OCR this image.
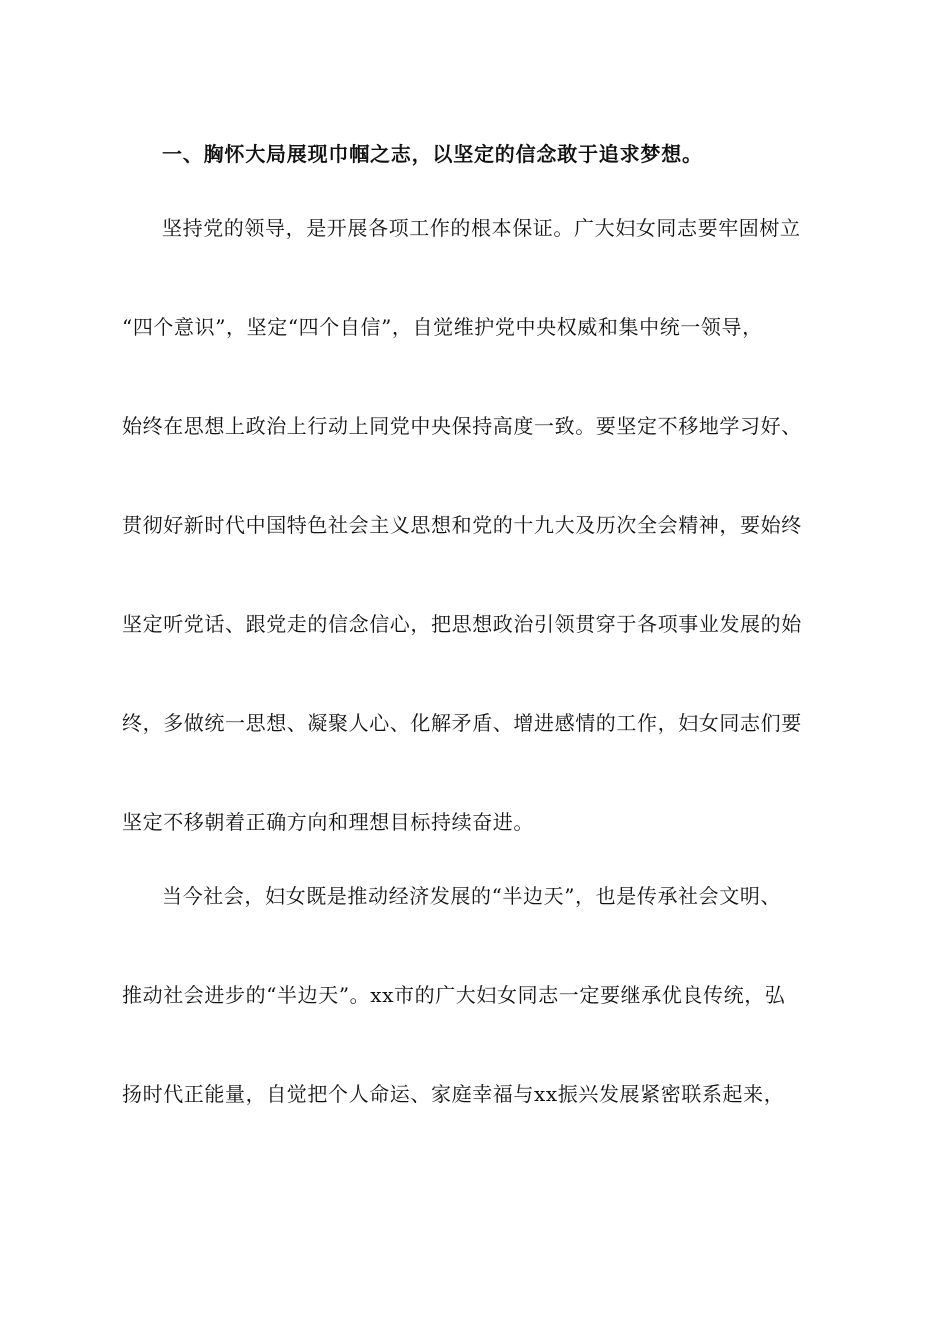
一、胸怀大局展现巾帼之志，以坚定的信念敢于追求梦想。
坚持党的领导，是开展各项工作的根本保证。广大妇女同志要牢固树立
“四个意识”，坚定“四个自信”，自觉维护党中央权威和集中统一领导，
始终在思想上政治上行动上同党中央保持高度一致。要坚定不移地学习好、
贯彻好新时代中国特色社会主义思想和党的十九大及历次全会精神，要始终
坚定听党话、跟党走的信念信心，把思想政治引领贯穿于各项事业发展的始
终，多做统一思想、凝聚人心、化解矛盾、增进感情的工作，妇女同志们要
坚定不移朝着正确方向和理想目标持续奋进。
当今社会，妇女既是推动经济发展的“半边天”，也是传承社会文明、
推动社会进步的“半边天”。xx市的广大妇女同志一定要继承优良传统，弘
扬时代正能量，自觉把个人命运、家庭幸福与xx振兴发展紧密联系起来，
